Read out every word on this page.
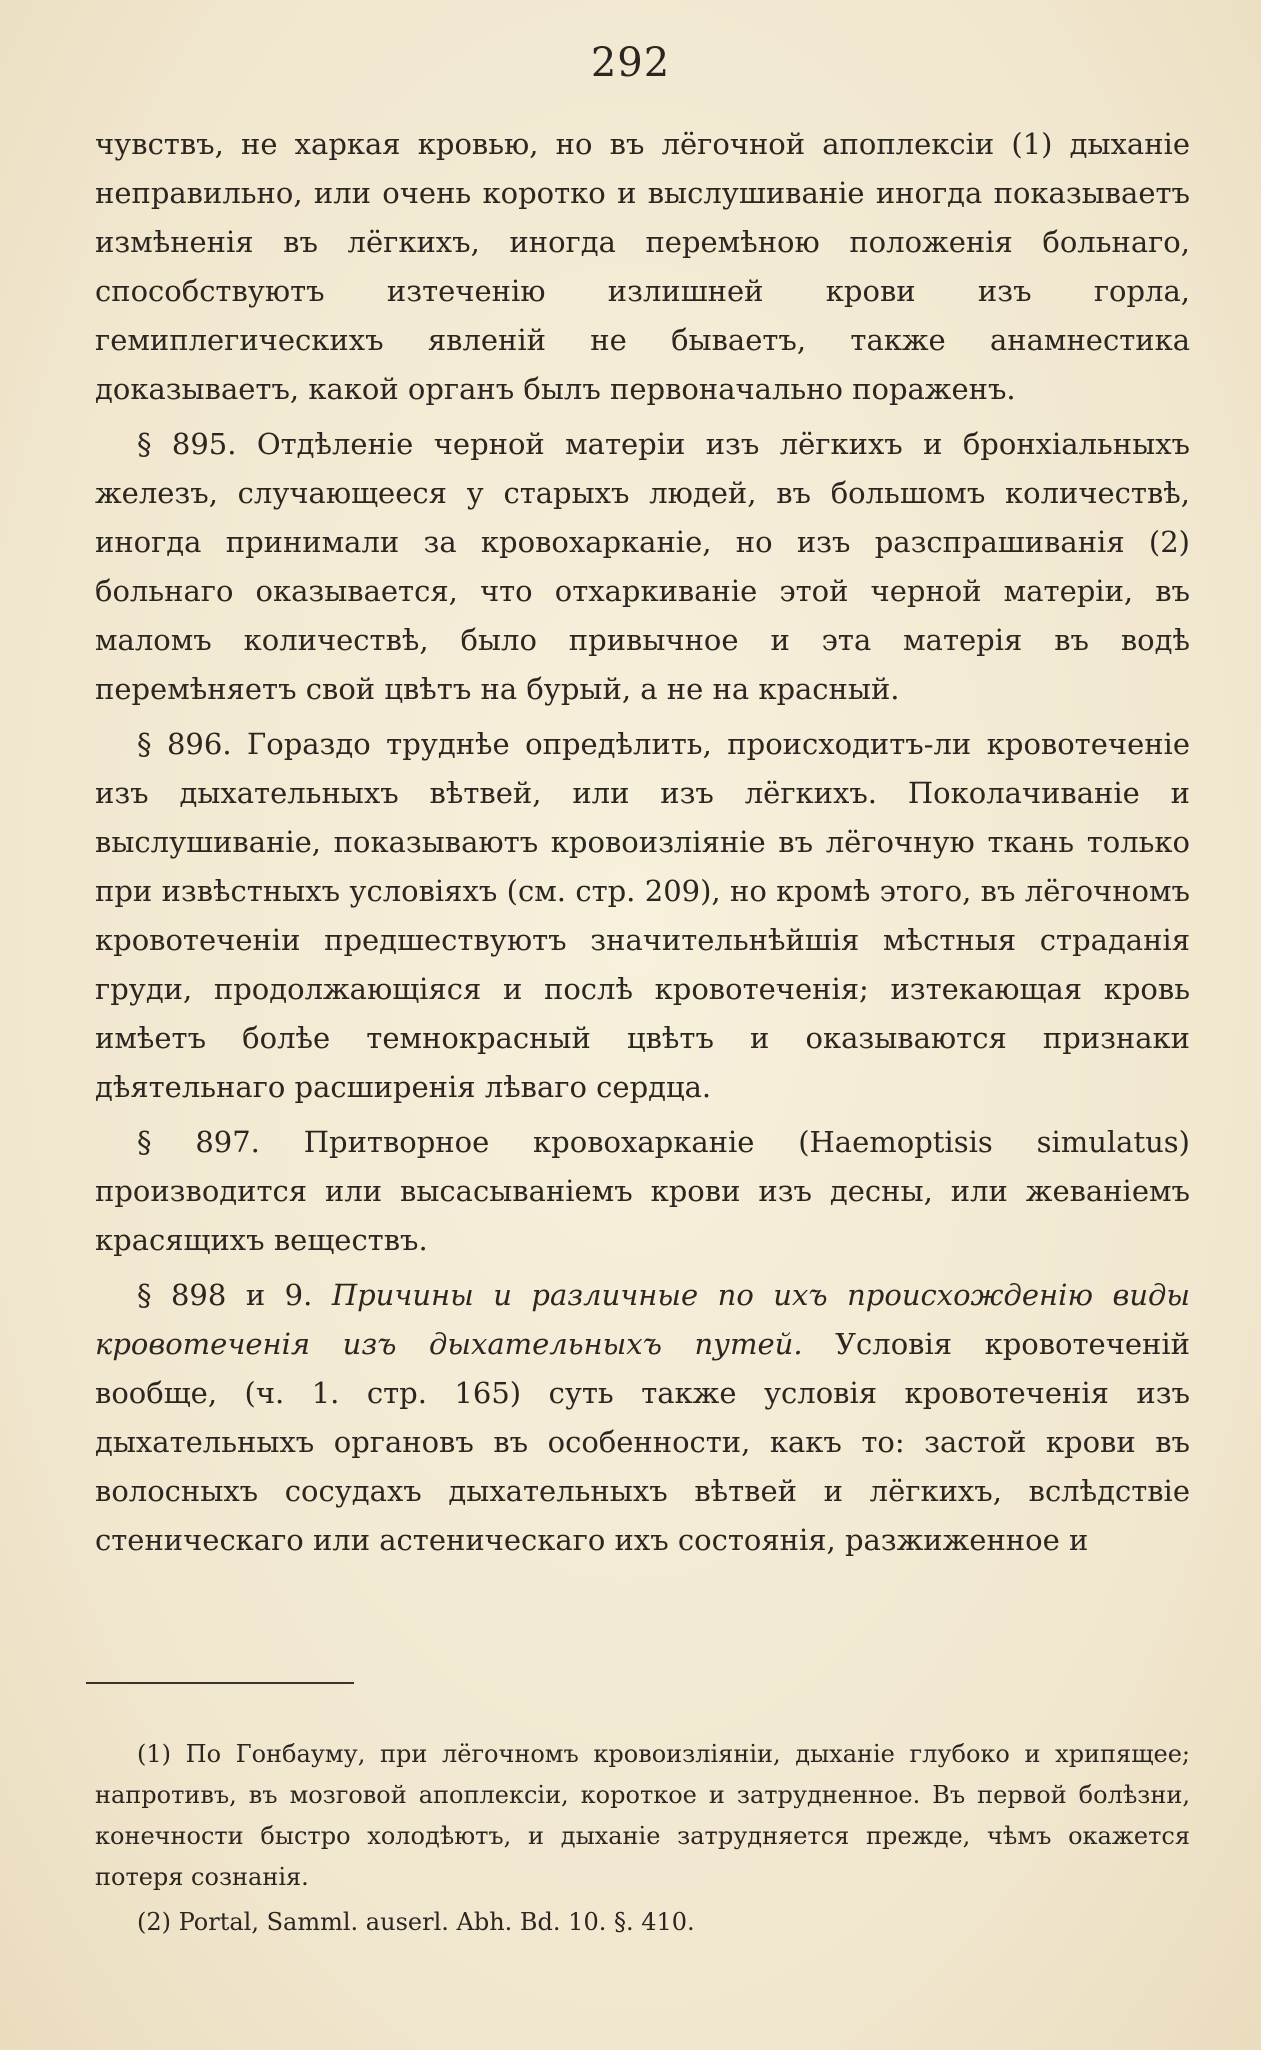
292

чувствъ, не харкая кровью, но въ лёгочной апоплексіи (1) дыханіе неправильно, или очень коротко и выслушиваніе иногда показываетъ измѣненія въ лёгкихъ, иногда перемѣною положенія больнаго, способствуютъ изтеченію излишней крови изъ горла, гемиплегическихъ явленій не бываетъ, также анамнестика доказываетъ, какой органъ былъ первоначально пораженъ.

§ 895. Отдѣленіе черной матеріи изъ лёгкихъ и бронхіальныхъ железъ, случающееся у старыхъ людей, въ большомъ количествѣ, иногда принимали за кровохарканіе, но изъ разспрашиванія (2) больнаго оказывается, что отхаркиваніе этой черной матеріи, въ маломъ количествѣ, было привычное и эта матерія въ водѣ перемѣняетъ свой цвѣтъ на бурый, а не на красный.

§ 896. Гораздо труднѣе опредѣлить, происходитъ-ли кровотеченіе изъ дыхательныхъ вѣтвей, или изъ лёгкихъ. Поколачиваніе и выслушиваніе, показываютъ кровоизліяніе въ лёгочную ткань только при извѣстныхъ условіяхъ (см. стр. 209), но кромѣ этого, въ лёгочномъ кровотеченіи предшествуютъ значительнѣйшія мѣстныя страданія груди, продолжающіяся и послѣ кровотеченія; изтекающая кровь имѣетъ болѣе темнокрасный цвѣтъ и оказываются признаки дѣятельнаго расширенія лѣваго сердца.

§ 897. Притворное кровохарканіе (Haemoptisis simulatus) производится или высасываніемъ крови изъ десны, или жеваніемъ красящихъ веществъ.

§ 898 и 9. Причины и различные по ихъ происхожденію виды кровотеченія изъ дыхательныхъ путей. Условія кровотеченій вообще, (ч. 1. стр. 165) суть также условія кровотеченія изъ дыхательныхъ органовъ въ особенности, какъ то: застой крови въ волосныхъ сосудахъ дыхательныхъ вѣтвей и лёгкихъ, вслѣдствіе стеническаго или астеническаго ихъ состоянія, разжиженное и

(1) По Гонбауму, при лёгочномъ кровоизліяніи, дыханіе глубоко и хрипящее; напротивъ, въ мозговой апоплексіи, короткое и затрудненное. Въ первой болѣзни, конечности быстро холодѣютъ, и дыханіе затрудняется прежде, чѣмъ окажется потеря сознанія.

(2) Portal, Samml. auserl. Abh. Bd. 10. §. 410.
